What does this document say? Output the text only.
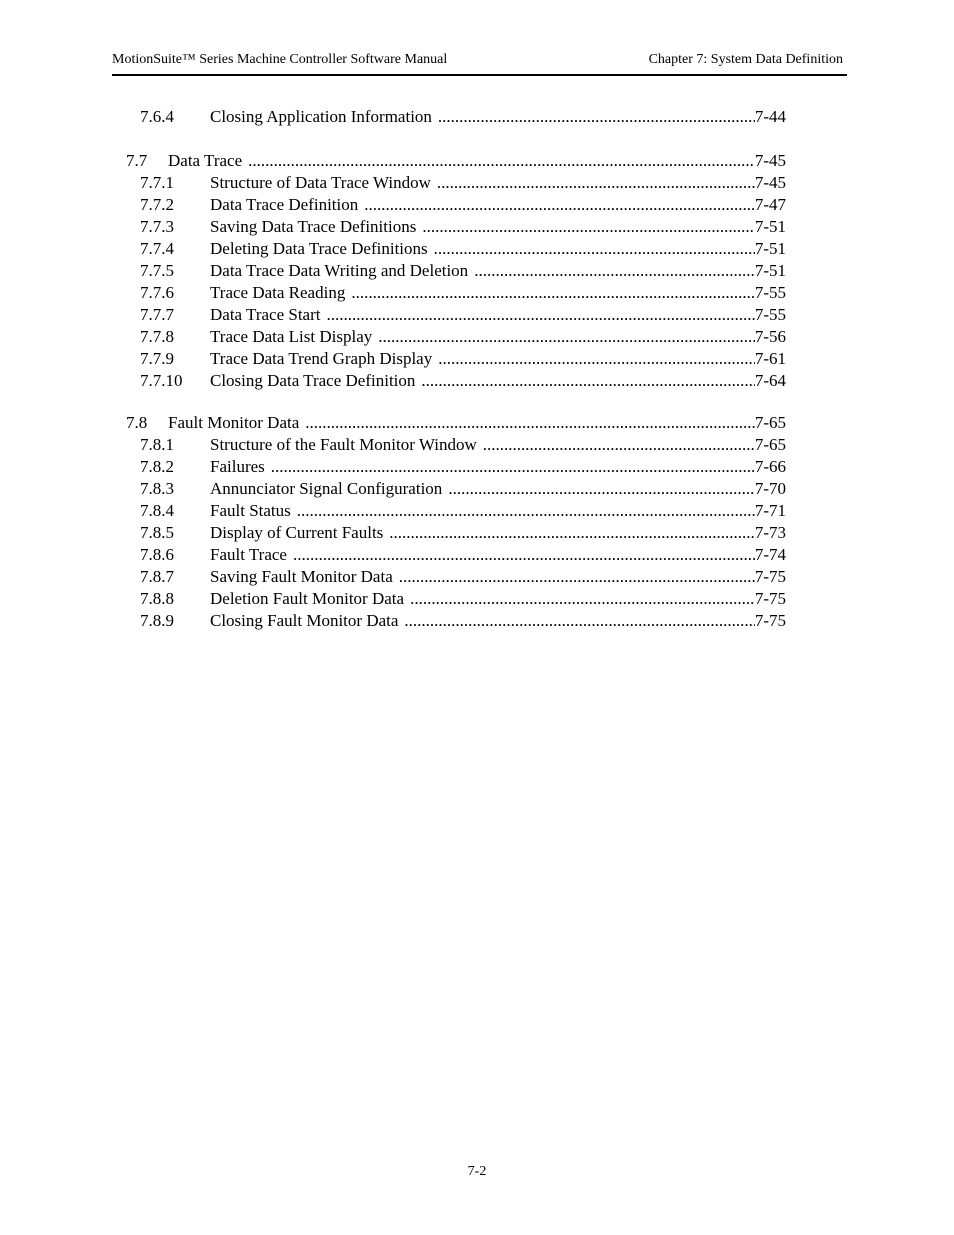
MotionSuite™ Series Machine Controller Software Manual	Chapter 7: System Data Definition
7.6.4	Closing Application Information .....	7-44
7.7	Data Trace .....	7-45
7.7.1	Structure of Data Trace Window .....	7-45
7.7.2	Data Trace Definition .....	7-47
7.7.3	Saving Data Trace Definitions .....	7-51
7.7.4	Deleting Data Trace Definitions .....	7-51
7.7.5	Data Trace Data Writing and Deletion .....	7-51
7.7.6	Trace Data Reading .....	7-55
7.7.7	Data Trace Start .....	7-55
7.7.8	Trace Data List Display .....	7-56
7.7.9	Trace Data Trend Graph Display .....	7-61
7.7.10	Closing Data Trace Definition .....	7-64
7.8	Fault Monitor Data .....	7-65
7.8.1	Structure of the Fault Monitor Window .....	7-65
7.8.2	Failures .....	7-66
7.8.3	Annunciator Signal Configuration .....	7-70
7.8.4	Fault Status .....	7-71
7.8.5	Display of Current Faults .....	7-73
7.8.6	Fault Trace .....	7-74
7.8.7	Saving Fault Monitor Data .....	7-75
7.8.8	Deletion Fault Monitor Data .....	7-75
7.8.9	Closing Fault Monitor Data .....	7-75
7-2
